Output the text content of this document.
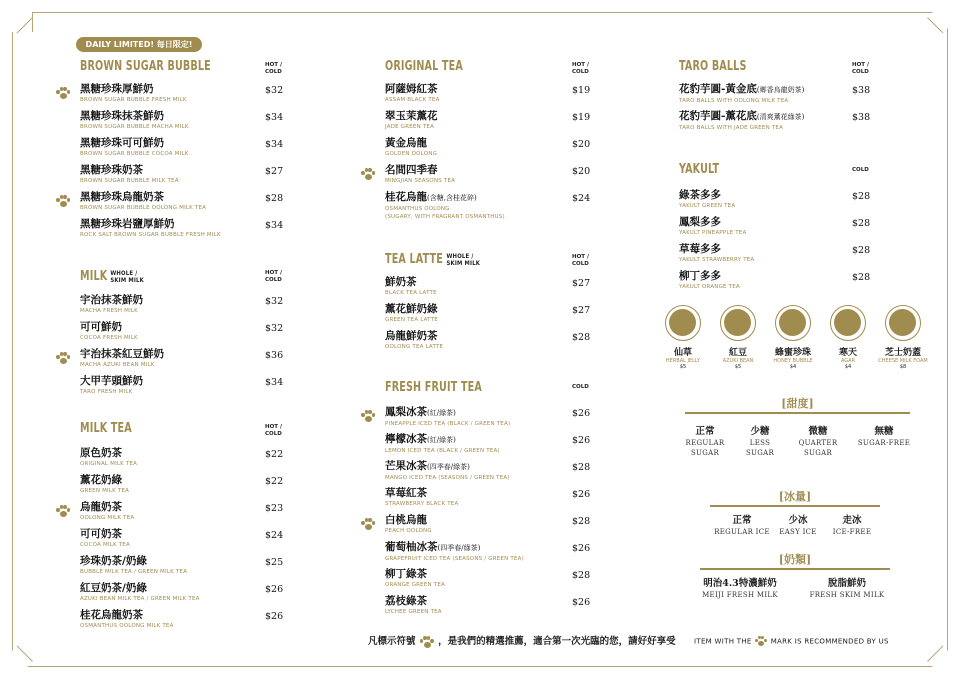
DAILY LIMITED! 每日限定!
BROWN SUGAR BUBBLE	HOT /
COLD
黑糖珍珠厚鮮奶
BROWN SUGAR BUBBLE FRESH MILK
$32
黑糖珍珠抹茶鮮奶
BROWN SUGAR BUBBLE MACHA MILK
$34
黑糖珍珠可可鮮奶
BROWN SUGAR BUBBLE COCOA MILK
$34
黑糖珍珠奶茶
BROWN SUGAR BUBBLE MILK TEA
$27
黑糖珍珠烏龍奶茶
BROWN SUGAR BUBBLE OOLONG MILK TEA
$28
黑糖珍珠岩鹽厚鮮奶
ROCK SALT BROWN SUGAR BUBBLE FRESH MILK
$34
MILK WHOLE /
SKIM MILK
HOT /
COLD
宇治抹茶鮮奶
MACHA FRESH MILK
$32
可可鮮奶
COCOA FRESH MILK
$32
宇治抹茶紅豆鮮奶
MACHA AZUKI BEAN MILK
$36
大甲芋頭鮮奶
TARO FRESH MILK
$34
MILK TEA	HOT /
COLD
原色奶茶
ORIGINAL MILK TEA
$22
薰花奶綠
GREEN MILK TEA
$22
烏龍奶茶
OOLONG MILK TEA
$23
可可奶茶
COCOA MILK TEA
$24
珍珠奶茶/奶綠
BUBBLE MILK TEA / GREEN MILK TEA
$25
紅豆奶茶/奶綠
AZUKI BEAN MILK TEA / GREEN MILK TEA
$26
桂花烏龍奶茶
OSMANTHUS OOLONG MILK TEA
$26
ORIGINAL TEA	HOT /
COLD
阿薩姆紅茶
ASSAM BLACK TEA
$19
翠玉茉薰花
JADE GREEN TEA
$19
黃金烏龍
GOLDEN OOLONG
$20
名間四季春
MINGJIAN SEASONS TEA
$20
桂花烏龍(含糖,含桂花碎)
OSMANTHUS OOLONG
(SUGARY, WITH FRAGRANT OSMANTHUS)
$24
TEA LATTE WHOLE /
SKIM MILK
HOT /
COLD
鮮奶茶
BLACK TEA LATTE
$27
薰花鮮奶綠
GREEN TEA LATTE
$27
烏龍鮮奶茶
OOLONG TEA LATTE
$28
FRESH FRUIT TEA	COLD
鳳梨冰茶(紅/綠茶)
PINEAPPLE ICED TEA (BLACK / GREEN TEA)
$26
檸檬冰茶(紅/綠茶)
LEMON ICED TEA (BLACK / GREEN TEA)
$26
芒果冰茶(四季春/綠茶)
MANGO ICED TEA (SEASONS / GREEN TEA)
$28
草莓紅茶
STRAWBERRY BLACK TEA
$26
白桃烏龍
PEACH OOLONG
$28
葡萄柚冰茶(四季春/綠茶)
GRAPEFRUIT ICED TEA (SEASONS / GREEN TEA)
$26
柳丁綠茶
ORANGE GREEN TEA
$28
荔枝綠茶
LYCHEE GREEN TEA
$26
TARO BALLS	HOT /
COLD
花豹芋圓-黃金底(鄉香烏龍奶茶)
TARO BALLS WITH OOLONG MILK TEA
$38
花豹芋圓-薰花底(清爽薰花綠茶)
TARO BALLS WITH JADE GREEN TEA
$38
YAKULT	COLD
綠茶多多
YAKULT GREEN TEA
$28
鳳梨多多
YAKULT PINEAPPLE TEA
$28
草莓多多
YAKULT STRAWBERRY TEA
$28
柳丁多多
YAKULT ORANGE TEA
$28
仙草
HERBAL JELLY
$5
紅豆
AZUKI BEAN
$5
蜂蜜珍珠
HONEY BUBBLE
$4
寒天
AGAR
$4
芝士奶蓋
CHEESE MILK FOAM
$8
[甜度]
正常
REGULAR
SUGAR
少糖
LESS
SUGAR
微糖
QUARTER
SUGAR
無糖
SUGAR-FREE
[冰量]
正常
REGULAR ICE
少冰
EASY ICE
走冰
ICE-FREE
[奶類]
明治4.3特濃鮮奶
MEIJI FRESH MILK
脫脂鮮奶
FRESH SKIM MILK
凡標示符號 ，是我們的精選推薦，適合第一次光臨的您，請好好享受	ITEM WITH THE	MARK IS RECOMMENDED BY US
